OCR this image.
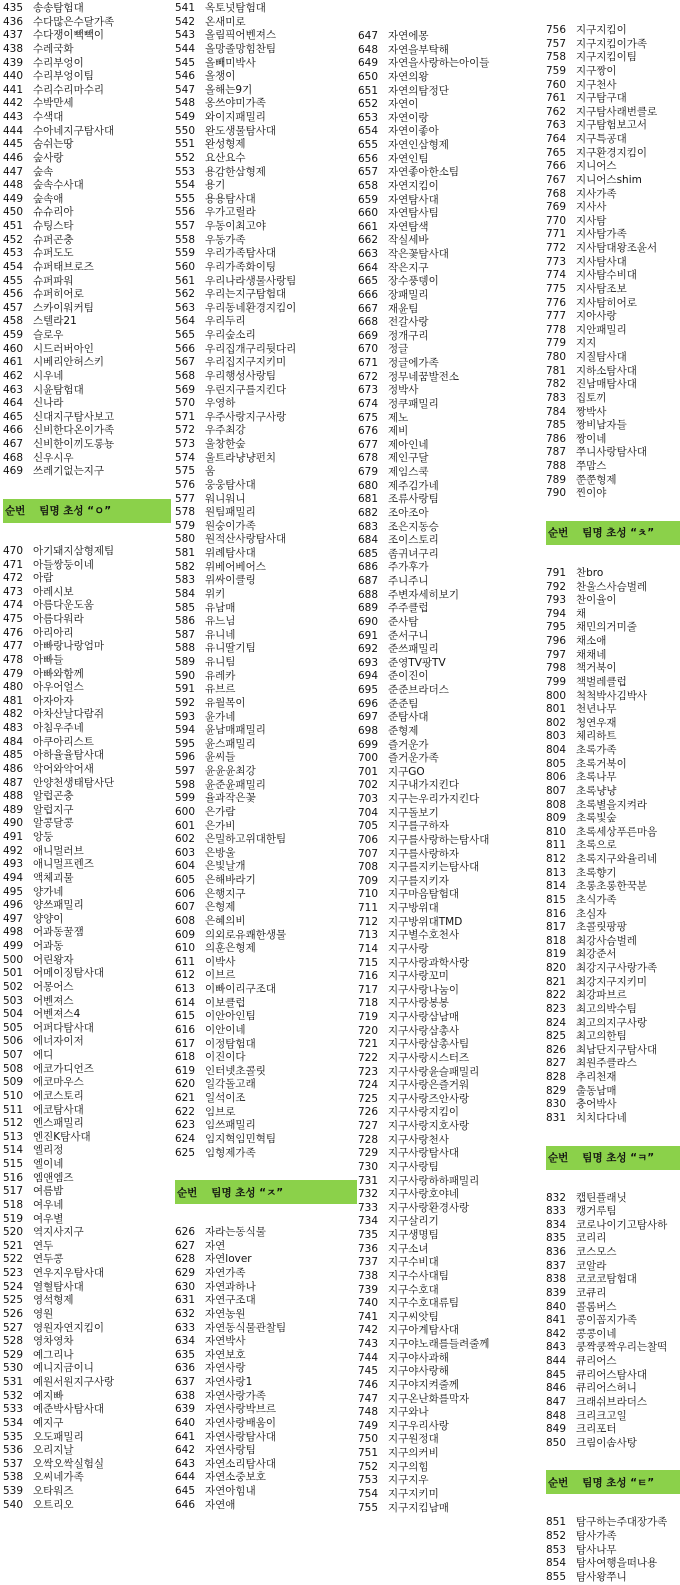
435 송송탐험대
436 수다많은수달가족
437 수다쟁이빽빽이
438 수레국화
439 수리부엉이
440 수리부엉이팀
441 수리수리마수리
442 수박만세
443 수색대
444 수아네지구탐사대
445 숨쉬는땅
446 숲사랑
447 숲속
448 숲속수사대
449 숲속애
450 슈슈리아
451 슈팅스타
452 슈퍼곤충
453 슈퍼도도
454 슈퍼태브로즈
455 슈퍼파워
456 슈퍼히어로
457 스카이워커팀
458 스텔라21
459 슬로우
460 시드러버아인
461 시베리안허스키
462 시우네
463 시윤탐험대
464 신나라
465 신대지구탐사보고
466 신비한다온이가족
467 신비한이끼도롱뇽
468 신우시우
469 쓰레기없는지구
순번 팀명 초성 “ㅇ”
470 아기돼지삼형제팀
471 아들쌍둥이네
472 아람
473 아레시보
474 아름다운도움
475 아름다워라
476 아리아리
477 아빠랑나랑엄마
478 아빠들
479 아빠와함께
480 아우어얼스
481 아자아자
482 아차산날다람쥐
483 아침우주네
484 아쿠아리스트
485 아하율율탐사대
486 악어와악어새
487 안양천생태탐사단
488 알럽곤충
489 알럽지구
490 알콩달콩
491 앙둥
492 애니멀러브
493 애니멀프렌즈
494 액체괴물
495 양가네
496 양쓰패밀리
497 양양이
498 어과동꿀잼
499 어과동
500 어린왕자
501 어메이징탐사대
502 어몽어스
503 어벤져스
504 어벤져스4
505 어퍼다탐사대
506 에너자이저
507 에디
508 에코가디언즈
509 에코마우스
510 에코스토리
511 에코탐사대
512 엔스패밀리
513 엔진K탐사대
514 엘리정
515 엘이네
516 엠앤엠즈
517 여름밤
518 여우네
519 여우별
520 역지사지구
521 연두
522 연두콩
523 연우지우탐사대
524 열혈탐사대
525 영석형제
526 영원
527 영원자연지킴이
528 영차영차
529 예그리나
530 예니지금이니
531 예원서원지구사랑
532 예지빠
533 예준박사탐사대
534 예지구
535 오도패밀리
536 오리지날
537 오싹오싹실험실
538 오씨네가족
539 오타워즈
540 오트리오
541 옥토넛탐험대
542 온새미로
543 올림픽어벤져스
544 올망졸망힘찬팀
545 올빼미박사
546 올챙이
547 올해는9기
548 옹쓰야미가족
549 와이지패밀리
550 완도생물탐사대
551 완성형제
552 요산요수
553 용감한삼형제
554 용기
555 용용탐사대
556 우가고릴라
557 우동이최고야
558 우동가족
559 우리가족탐사대
560 우리가족화이팅
561 우리나라생물사랑팀
562 우리는지구탐험대
563 우리동네환경지킴이
564 우리두리
565 우리숲소리
566 우리집개구리뒷다리
567 우리집지구지키미
568 우리행성사랑팀
569 우린지구를지킨다
570 우영하
571 우주사랑지구사랑
572 우주최강
573 울창한숲
574 울트라냥냥펀치
575 움
576 웅웅탐사대
577 워니워니
578 원팀패밀리
579 원숭이가족
580 원적산사랑탐사대
581 위례탐사대
582 위베어베어스
583 위싸이클링
584 위키
585 유남매
586 유느님
587 유니네
588 유니딸기팀
589 유니팀
590 유레카
591 유브르
592 유월목이
593 윤가네
594 윤남매패밀리
595 윤스패밀리
596 윤씨들
597 윤윤윤최강
598 윤준윤패밀리
599 율과작은꽃
600 은가람
601 은가비
602 은밀하고위대한팀
603 은방울
604 은빛날개
605 은해바라기
606 은행지구
607 은형제
608 은혜의비
609 의외로유쾌한생물
610 의훈은형제
611 이박사
612 이브르
613 이빠이리구조대
614 이보클럽
615 이안아인팀
616 이안이네
617 이정탐험대
618 이진이다
619 인터넷초콜릿
620 일각돌고래
621 일석이조
622 임브로
623 임쓰패밀리
624 임지혁임민혁팀
625 임형제가족
순번 팀명 초성 “ㅈ”
626 자라는동식물
627 자연
628 자연lover
629 자연가족
630 자연과하나
631 자연구조대
632 자연농원
633 자연동식물관찰팀
634 자연박사
635 자연보호
636 자연사랑
637 자연사랑1
638 자연사랑가족
639 자연사랑박브르
640 자연사랑배움이
641 자연사랑탐사대
642 자연사랑팀
643 자연소리탐사대
644 자연소중보호
645 자연아힘내
646 자연애
647 자연에몽
648 자연을부탁해
649 자연을사랑하는아이들
650 자연의왕
651 자연의탐정단
652 자연이
653 자연이랑
654 자연이좋아
655 자연인삼형제
656 자연인팀
657 자연좋아한소팀
658 자연지킴이
659 자연탐사대
660 자연탐사팀
661 자연탐색
662 작실세바
663 작은꽃탐사대
664 작은지구
665 장수풍뎅이
666 장패밀리
667 재윤팀
668 전갈사랑
669 정개구리
670 정글
671 정글에가족
672 정무네꿈발전소
673 정박사
674 정쿠패밀리
675 제노
676 제비
677 제아인네
678 제인구달
679 제임스쿡
680 제주김가네
681 조류사랑팀
682 조아조아
683 조은지동승
684 조이스토리
685 좀귀녀구리
686 주가후가
687 주니주니
688 주변자세히보기
689 주주클럽
690 준사탐
691 준서구니
692 준쓰패밀리
693 준영TV팡TV
694 준이진이
695 준준브라더스
696 준준팀
697 준탐사대
698 준형제
699 즐거운가
700 즐거운가족
701 지구GO
702 지구내가지킨다
703 지구는우리가지킨다
704 지구돌보기
705 지구를구하자
706 지구를사랑하는탐사대
707 지구를사랑하자
708 지구를지키는탐사대
709 지구를지키자
710 지구마음탐험대
711 지구방위대
712 지구방위대TMD
713 지구별수호천사
714 지구사랑
715 지구사랑과학사랑
716 지구사랑꼬미
717 지구사랑나눔이
718 지구사랑봉봉
719 지구사랑삼남매
720 지구사랑삼총사
721 지구사랑삼총사팀
722 지구사랑시스터즈
723 지구사랑윤슬패밀리
724 지구사랑은즐거워
725 지구사랑즈안사랑
726 지구사랑지킴이
727 지구사랑지호사랑
728 지구사랑천사
729 지구사랑탐사대
730 지구사랑팀
731 지구사랑하하패밀리
732 지구사랑호야네
733 지구사랑환경사랑
734 지구살리기
735 지구생명팀
736 지구소녀
737 지구수비대
738 지구수사대팀
739 지구수호대
740 지구수호대류팀
741 지구씨앗팀
742 지구아계탐사대
743 지구야노래를들려줄께
744 지구야사과해
745 지구야사랑해
746 지구야지켜줄께
747 지구온난화를막자
748 지구와나
749 지구우리사랑
750 지구원정대
751 지구의커비
752 지구의힘
753 지구지우
754 지구지키미
755 지구지킴남매
756 지구지킴이
757 지구지킴이가족
758 지구지킴이팀
759 지구짱이
760 지구천사
761 지구탐구대
762 지구탐사래번클로
763 지구탐험보고서
764 지구특공대
765 지구환경지킴이
766 지니어스
767 지니어스shim
768 지사가족
769 지사사
770 지사탐
771 지사탐가족
772 지사탐대왕조윤서
773 지사탐사대
774 지사탐수비대
775 지사탐조보
776 지사탐히어로
777 지아사랑
778 지안패밀리
779 지지
780 지질탐사대
781 지하소탐사대
782 진남매탐사대
783 집토끼
784 짱박사
785 짱비남자들
786 짱이네
787 쭈니사랑탐사대
788 쭈맘스
789 쭌쭌형제
790 찐이야
순번 팀명 초성 “ㅊ”
791 찬bro
792 찬울스사슴벌레
793 찬이율이
794 채
795 채민의거미줄
796 채소애
797 채채네
798 책거북이
799 책벌레클럽
800 척척박사김박사
801 천년나무
802 청연우재
803 체리하트
804 초록가족
805 초록거북이
806 초록나무
807 초록냥냥
808 초록별을지켜라
809 초록빛숲
810 초록세상푸른마음
811 초록으로
812 초록지구와율리네
813 초록향기
814 초롱초롱한꾹분
815 초식가족
816 초심자
817 초콜릿팡팡
818 최강사슴벌레
819 최강준서
820 최강지구사랑가족
821 최강지구지키미
822 최강파브르
823 최고의박수팀
824 최고의지구사랑
825 최고의한팀
826 최남단지구탐사대
827 최원주클라스
828 추리천재
829 출동남매
830 충어박사
831 치치다다네
순번 팀명 초성 “ㅋ”
832 캡틴플래닛
833 캥거루팀
834 코로나이기고탐사하
835 코리리
836 코스모스
837 코알라
838 코코코탐험대
839 코큐리
840 콜롬버스
841 콩이꼼지가족
842 콩콩이네
843 쿵짝쿵짝우리는찰떡
844 큐리어스
845 큐리어스탐사대
846 큐리어스허니
847 크래쉬브라더스
848 크리크고일
849 크리포터
850 크림이솜사탕
순번 팀명 초성 “ㅌ”
851 탐구하는주대장가족
852 탐사가족
853 탐사나무
854 탐사여행을떠나용
855 탐사왕쭈니
